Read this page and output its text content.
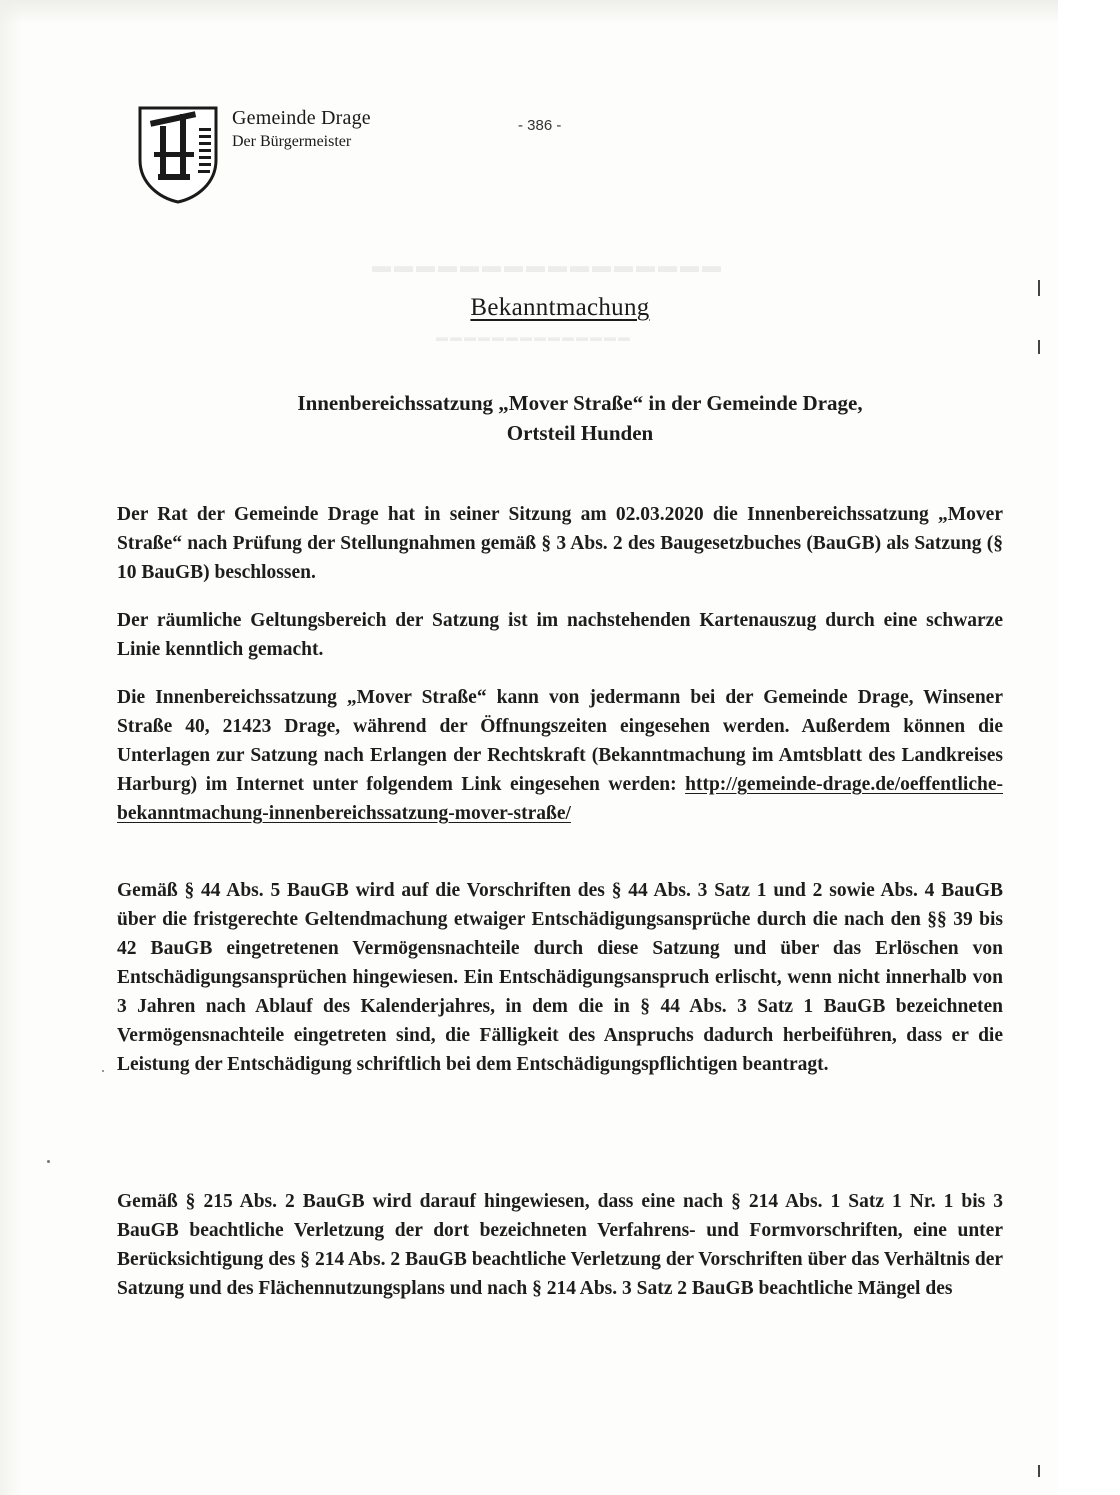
Gemeinde Drage
Der Bürgermeister
- 386 -
▬▬▬▬▬▬▬▬▬▬▬▬▬▬▬▬
▬▬▬▬▬▬▬▬▬▬▬▬▬▬
Bekanntmachung
Innenbereichssatzung „Mover Straße“ in der Gemeinde Drage,
Ortsteil Hunden
Der Rat der Gemeinde Drage hat in seiner Sitzung am 02.03.2020 die Innenbereichssatzung „Mover Straße“ nach Prüfung der Stellungnahmen gemäß § 3 Abs. 2 des Baugesetzbuches (BauGB) als Satzung (§ 10 BauGB) beschlossen.
Der räumliche Geltungsbereich der Satzung ist im nachstehenden Kartenauszug durch eine schwarze Linie kenntlich gemacht.
Die Innenbereichssatzung „Mover Straße“ kann von jedermann bei der Gemeinde Drage, Winsener Straße 40, 21423 Drage, während der Öffnungszeiten eingesehen werden. Außerdem können die Unterlagen zur Satzung nach Erlangen der Rechtskraft (Bekanntmachung im Amtsblatt des Landkreises Harburg) im Internet unter folgendem Link eingesehen werden: http://gemeinde-drage.de/oeffentliche-bekanntmachung-innenbereichssatzung-mover-straße/
Gemäß § 44 Abs. 5 BauGB wird auf die Vorschriften des § 44 Abs. 3 Satz 1 und 2 sowie Abs. 4 BauGB über die fristgerechte Geltendmachung etwaiger Entschädigungsansprüche durch die nach den §§ 39 bis 42 BauGB eingetretenen Vermögensnachteile durch diese Satzung und über das Erlöschen von Entschädigungsansprüchen hingewiesen. Ein Entschädigungsanspruch erlischt, wenn nicht innerhalb von 3 Jahren nach Ablauf des Kalenderjahres, in dem die in § 44 Abs. 3 Satz 1 BauGB bezeichneten Vermögensnachteile eingetreten sind, die Fälligkeit des Anspruchs dadurch herbeiführen, dass er die Leistung der Entschädigung schriftlich bei dem Entschädigungspflichtigen beantragt.
Gemäß § 215 Abs. 2 BauGB wird darauf hingewiesen, dass eine nach § 214 Abs. 1 Satz 1 Nr. 1 bis 3 BauGB beachtliche Verletzung der dort bezeichneten Verfahrens- und Formvorschriften, eine unter Berücksichtigung des § 214 Abs. 2 BauGB beachtliche Verletzung der Vorschriften über das Verhältnis der Satzung und des Flächennutzungsplans und nach § 214 Abs. 3 Satz 2 BauGB beachtliche Mängel des
